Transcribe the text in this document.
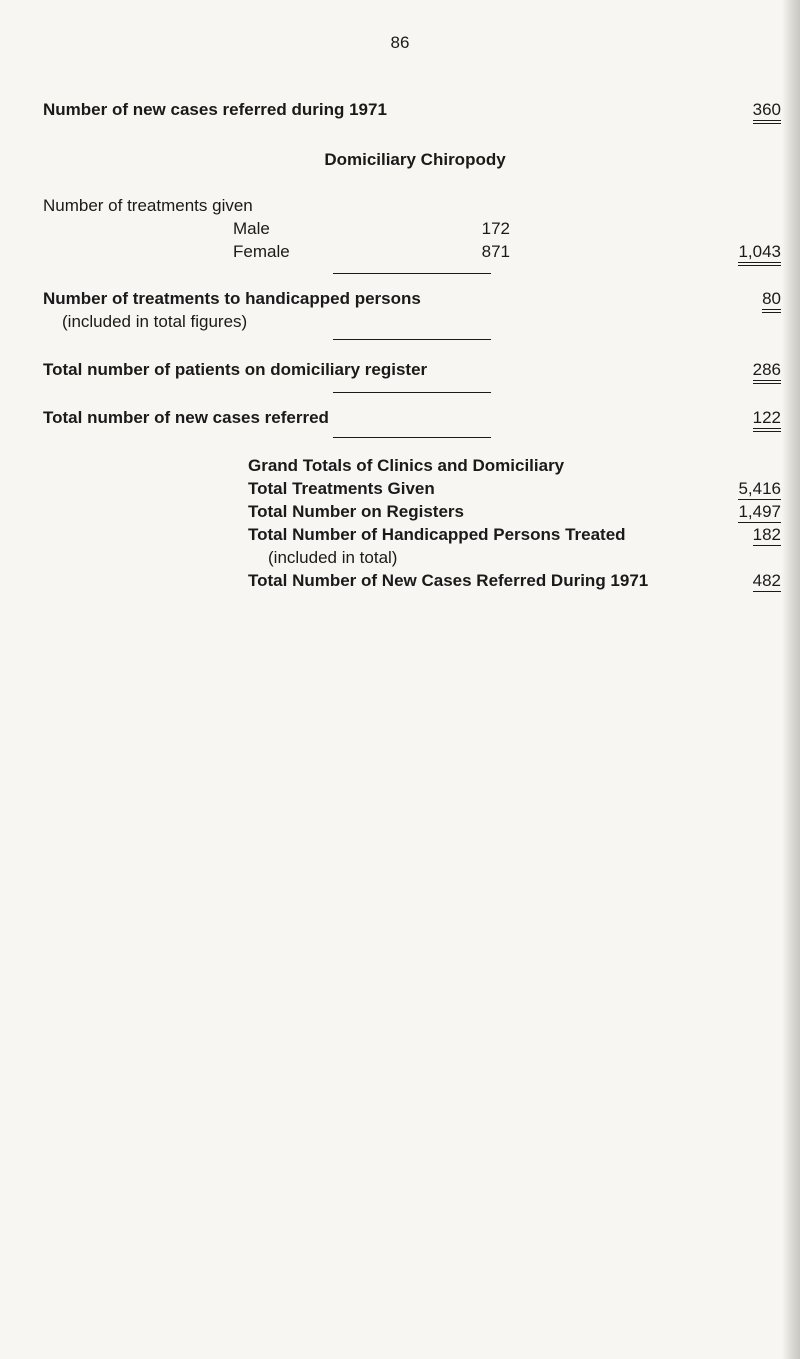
86
Number of new cases referred during 1971	360
Domiciliary Chiropody
Number of treatments given
Male	172
Female	871	1,043
Number of treatments to handicapped persons	80
(included in total figures)
Total number of patients on domiciliary register	286
Total number of new cases referred	122
Grand Totals of Clinics and Domiciliary
Total Treatments Given	5,416
Total Number on Registers	1,497
Total Number of Handicapped Persons Treated	182
(included in total)
Total Number of New Cases Referred During 1971	482
